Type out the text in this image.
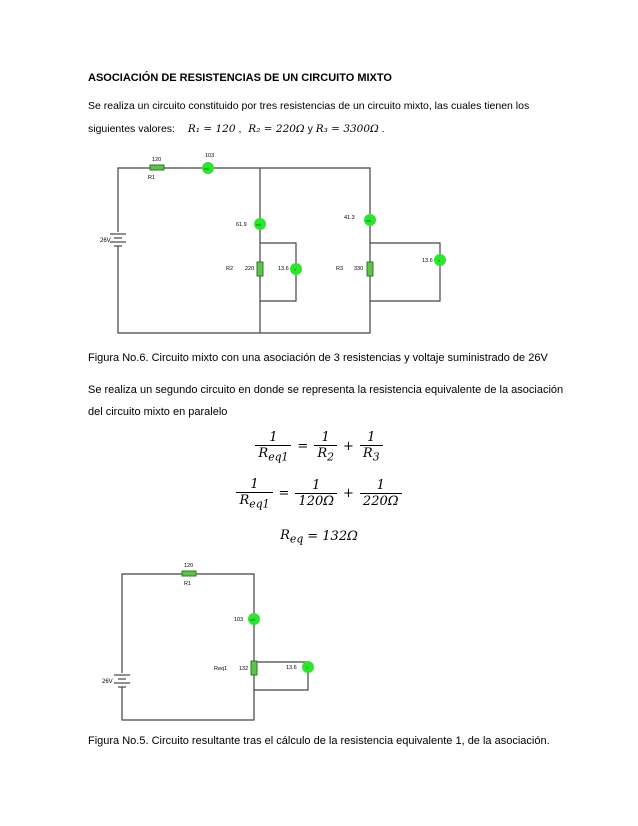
ASOCIACIÓN DE RESISTENCIAS DE UN CIRCUITO MIXTO
Se realiza un circuito constituido por tres resistencias de un circuito mixto, las cuales tienen los
siguientes valores: R₁ = 120 , R₂ = 220Ω y R₃ = 3300Ω .
26V
120
R1
103
mA
61.9	mA
41.3	mA
R2 220	13.6 V	R3 330
13.6 V
Figura No.6. Circuito mixto con una asociación de 3 resistencias y voltaje suministrado de 26V
Se realiza un segundo circuito en donde se representa la resistencia equivalente de la asociación
del circuito mixto en paralelo
$\frac{1}{R_{eq1}} = \frac{1}{R_2} + \frac{1}{R_3}$
$\frac{1}{R_{eq1}} = \frac{1}{120\Omega} + \frac{1}{220\Omega}$
$R_{eq} = 132\Omega$
26V
120
R1
103 mA
Req1 132	13.6	V
Figura No.5. Circuito resultante tras el cálculo de la resistencia equivalente 1, de la asociación.
